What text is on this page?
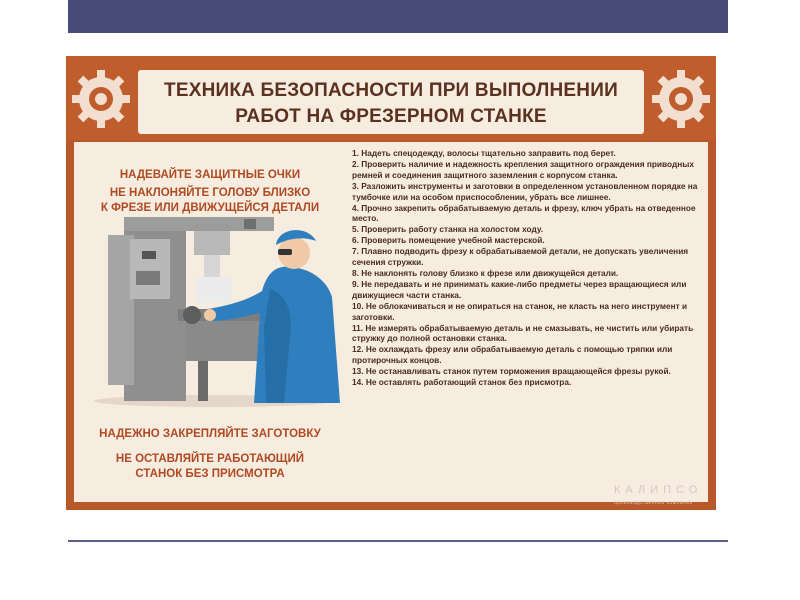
ТЕХНИКА БЕЗОПАСНОСТИ ПРИ ВЫПОЛНЕНИИ
РАБОТ НА ФРЕЗЕРНОМ СТАНКЕ
НАДЕВАЙТЕ ЗАЩИТНЫЕ ОЧКИ
НЕ НАКЛОНЯЙТЕ ГОЛОВУ БЛИЗКО
К ФРЕЗЕ ИЛИ ДВИЖУЩЕЙСЯ ДЕТАЛИ
НАДЕЖНО ЗАКРЕПЛЯЙТЕ ЗАГОТОВКУ
НЕ ОСТАВЛЯЙТЕ РАБОТАЮЩИЙ
СТАНОК БЕЗ ПРИСМОТРА

1. Надеть спецодежду, волосы тщательно заправить под берет.

2. Проверить наличие и надежность крепления защитного ограждения приводных ремней и соединения защитного заземления с корпусом станка.

3. Разложить инструменты и заготовки в определенном установленном порядке на тумбочке или на особом приспособлении, убрать все лишнее.

4. Прочно закрепить обрабатываемую деталь и фрезу, ключ убрать на отведенное место.

5. Проверить работу станка на холостом ходу.

6. Проверить помещение учебной мастерской.

7. Плавно подводить фрезу к обрабатываемой детали, не допускать увеличения сечения стружки.

8. Не наклонять голову близко к фрезе или движущейся детали.

9. Не передавать и не принимать какие-либо предметы через вращающиеся или движущиеся части станка.

10. Не облокачиваться и не опираться на станок, не класть на него инструмент и заготовки.

11. Не измерять обрабатываемую деталь и не смазывать, не чистить или убирать стружку до полной остановки станка.

12. Не охлаждать фрезу или обрабатываемую деталь с помощью тряпки или протирочных концов.

13. Не останавливать станок путем торможения вращающейся фрезы рукой.

14. Не оставлять работающий станок без присмотра.

КАЛИПСО
производственная компания
